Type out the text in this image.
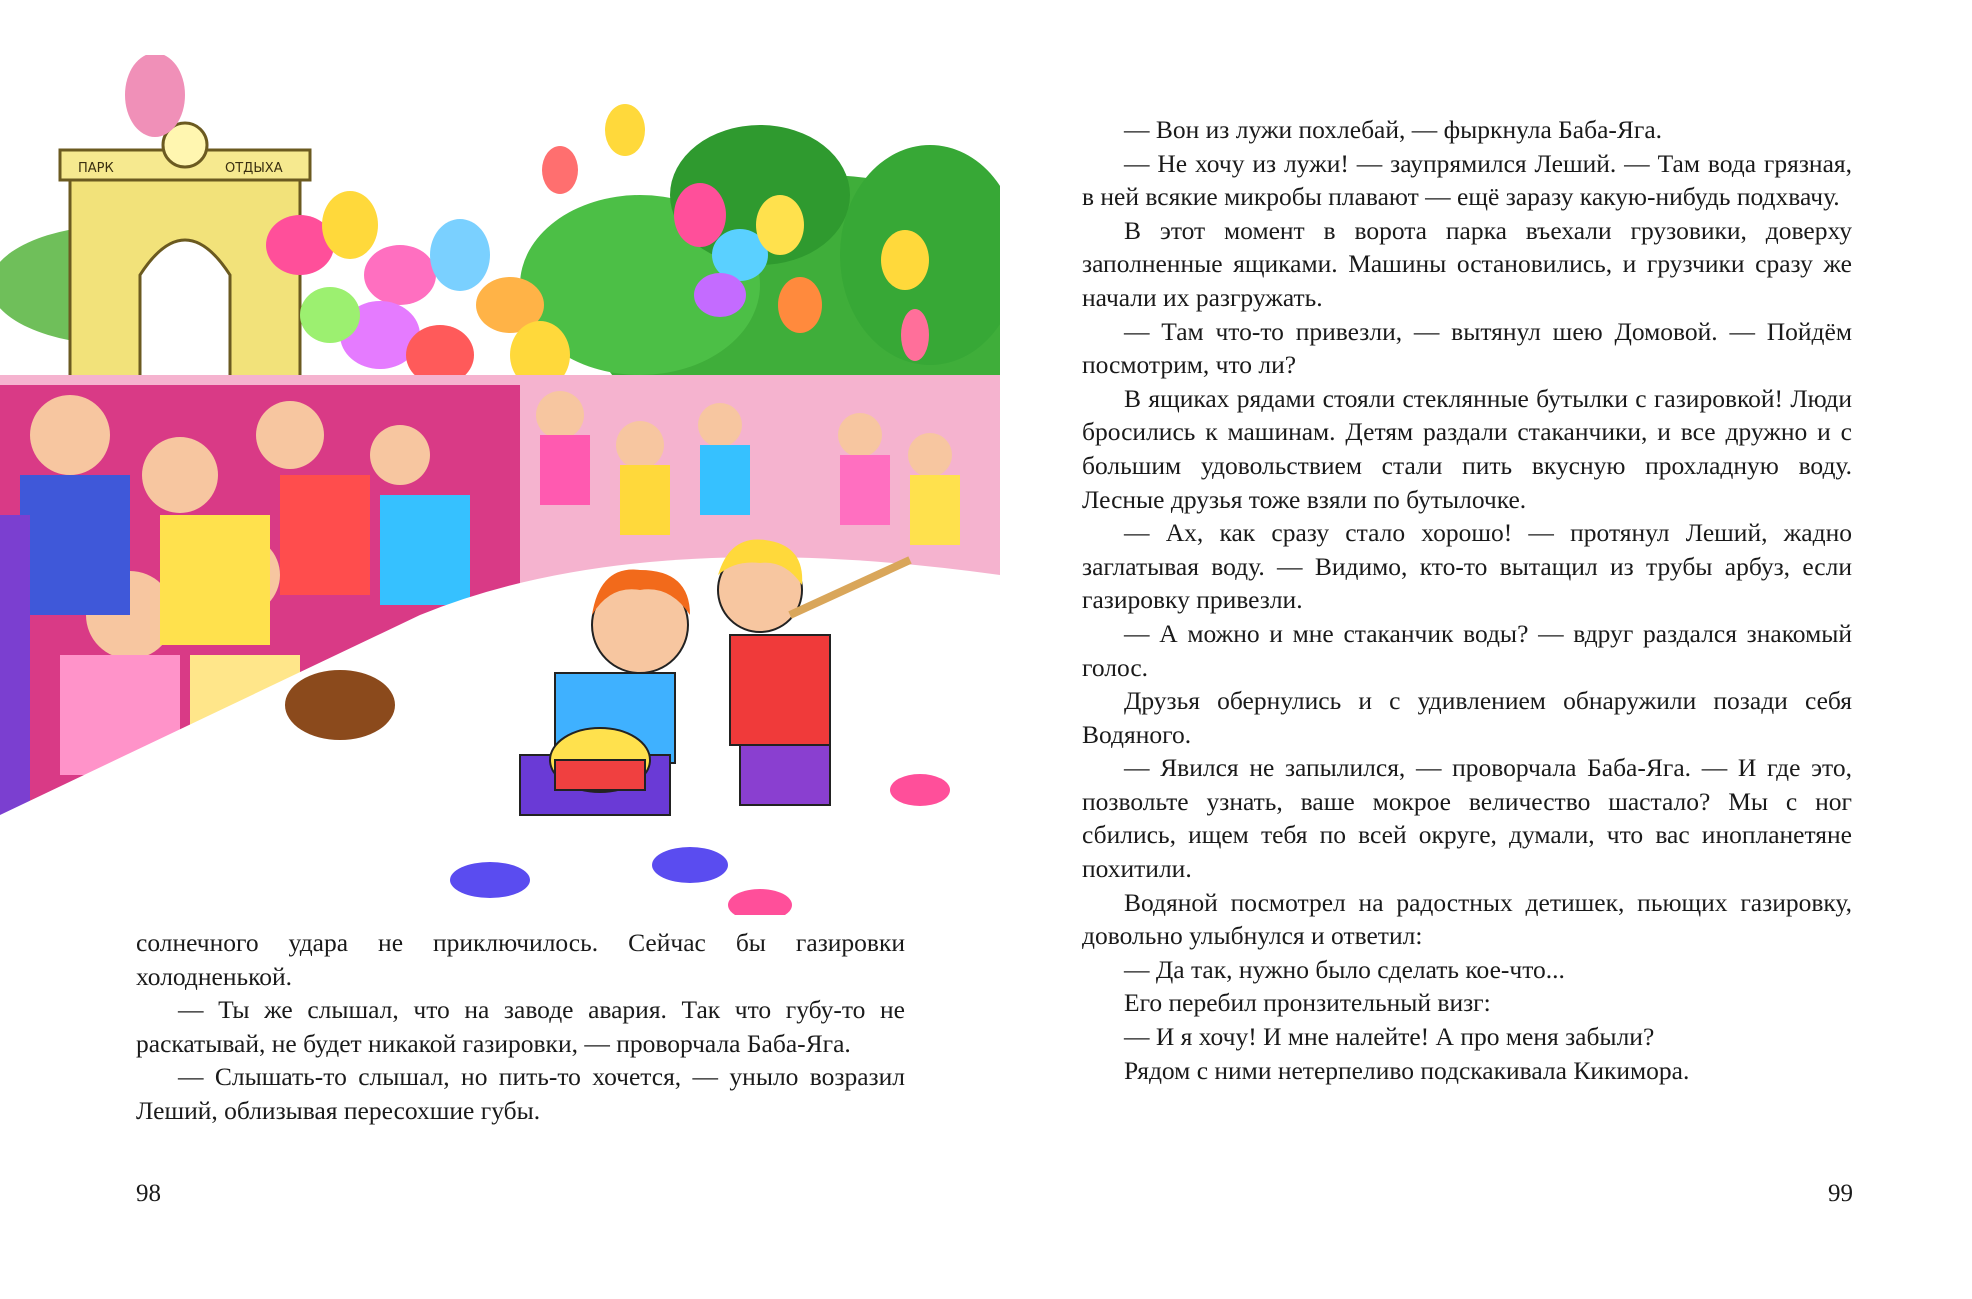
ПАРК	ОТДЫХА

солнечного удара не приключилось. Сейчас бы газировки холодненькой.

— Ты же слышал, что на заводе авария. Так что губу-то не раскатывай, не будет никакой газировки, — проворчала Баба-Яга.

— Слышать-то слышал, но пить-то хочется, — уныло возразил Леший, облизывая пересохшие губы.

98

— Вон из лужи похлебай, — фыркнула Баба-Яга.

— Не хочу из лужи! — заупрямился Леший. — Там вода грязная, в ней всякие микробы плавают — ещё заразу какую-нибудь подхвачу.

В этот момент в ворота парка въехали грузовики, доверху заполненные ящиками. Машины остановились, и грузчики сразу же начали их разгружать.

— Там что-то привезли, — вытянул шею Домовой. — Пойдём посмотрим, что ли?

В ящиках рядами стояли стеклянные бутылки с газировкой! Люди бросились к машинам. Детям раздали стаканчики, и все дружно и с большим удовольствием стали пить вкусную прохладную воду. Лесные друзья тоже взяли по бутылочке.

— Ах, как сразу стало хорошо! — протянул Леший, жадно заглатывая воду. — Видимо, кто-то вытащил из трубы арбуз, если газировку привезли.

— А можно и мне стаканчик воды? — вдруг раздался знакомый голос.

Друзья обернулись и с удивлением обнаружили позади себя Водяного.

— Явился не запылился, — проворчала Баба-Яга. — И где это, позвольте узнать, ваше мокрое величество шастало? Мы с ног сбились, ищем тебя по всей округе, думали, что вас инопланетяне похитили.

Водяной посмотрел на радостных детишек, пьющих газировку, довольно улыбнулся и ответил:

— Да так, нужно было сделать кое-что...

Его перебил пронзительный визг:

— И я хочу! И мне налейте! А про меня забыли?

Рядом с ними нетерпеливо подскакивала Кикимора.

99
